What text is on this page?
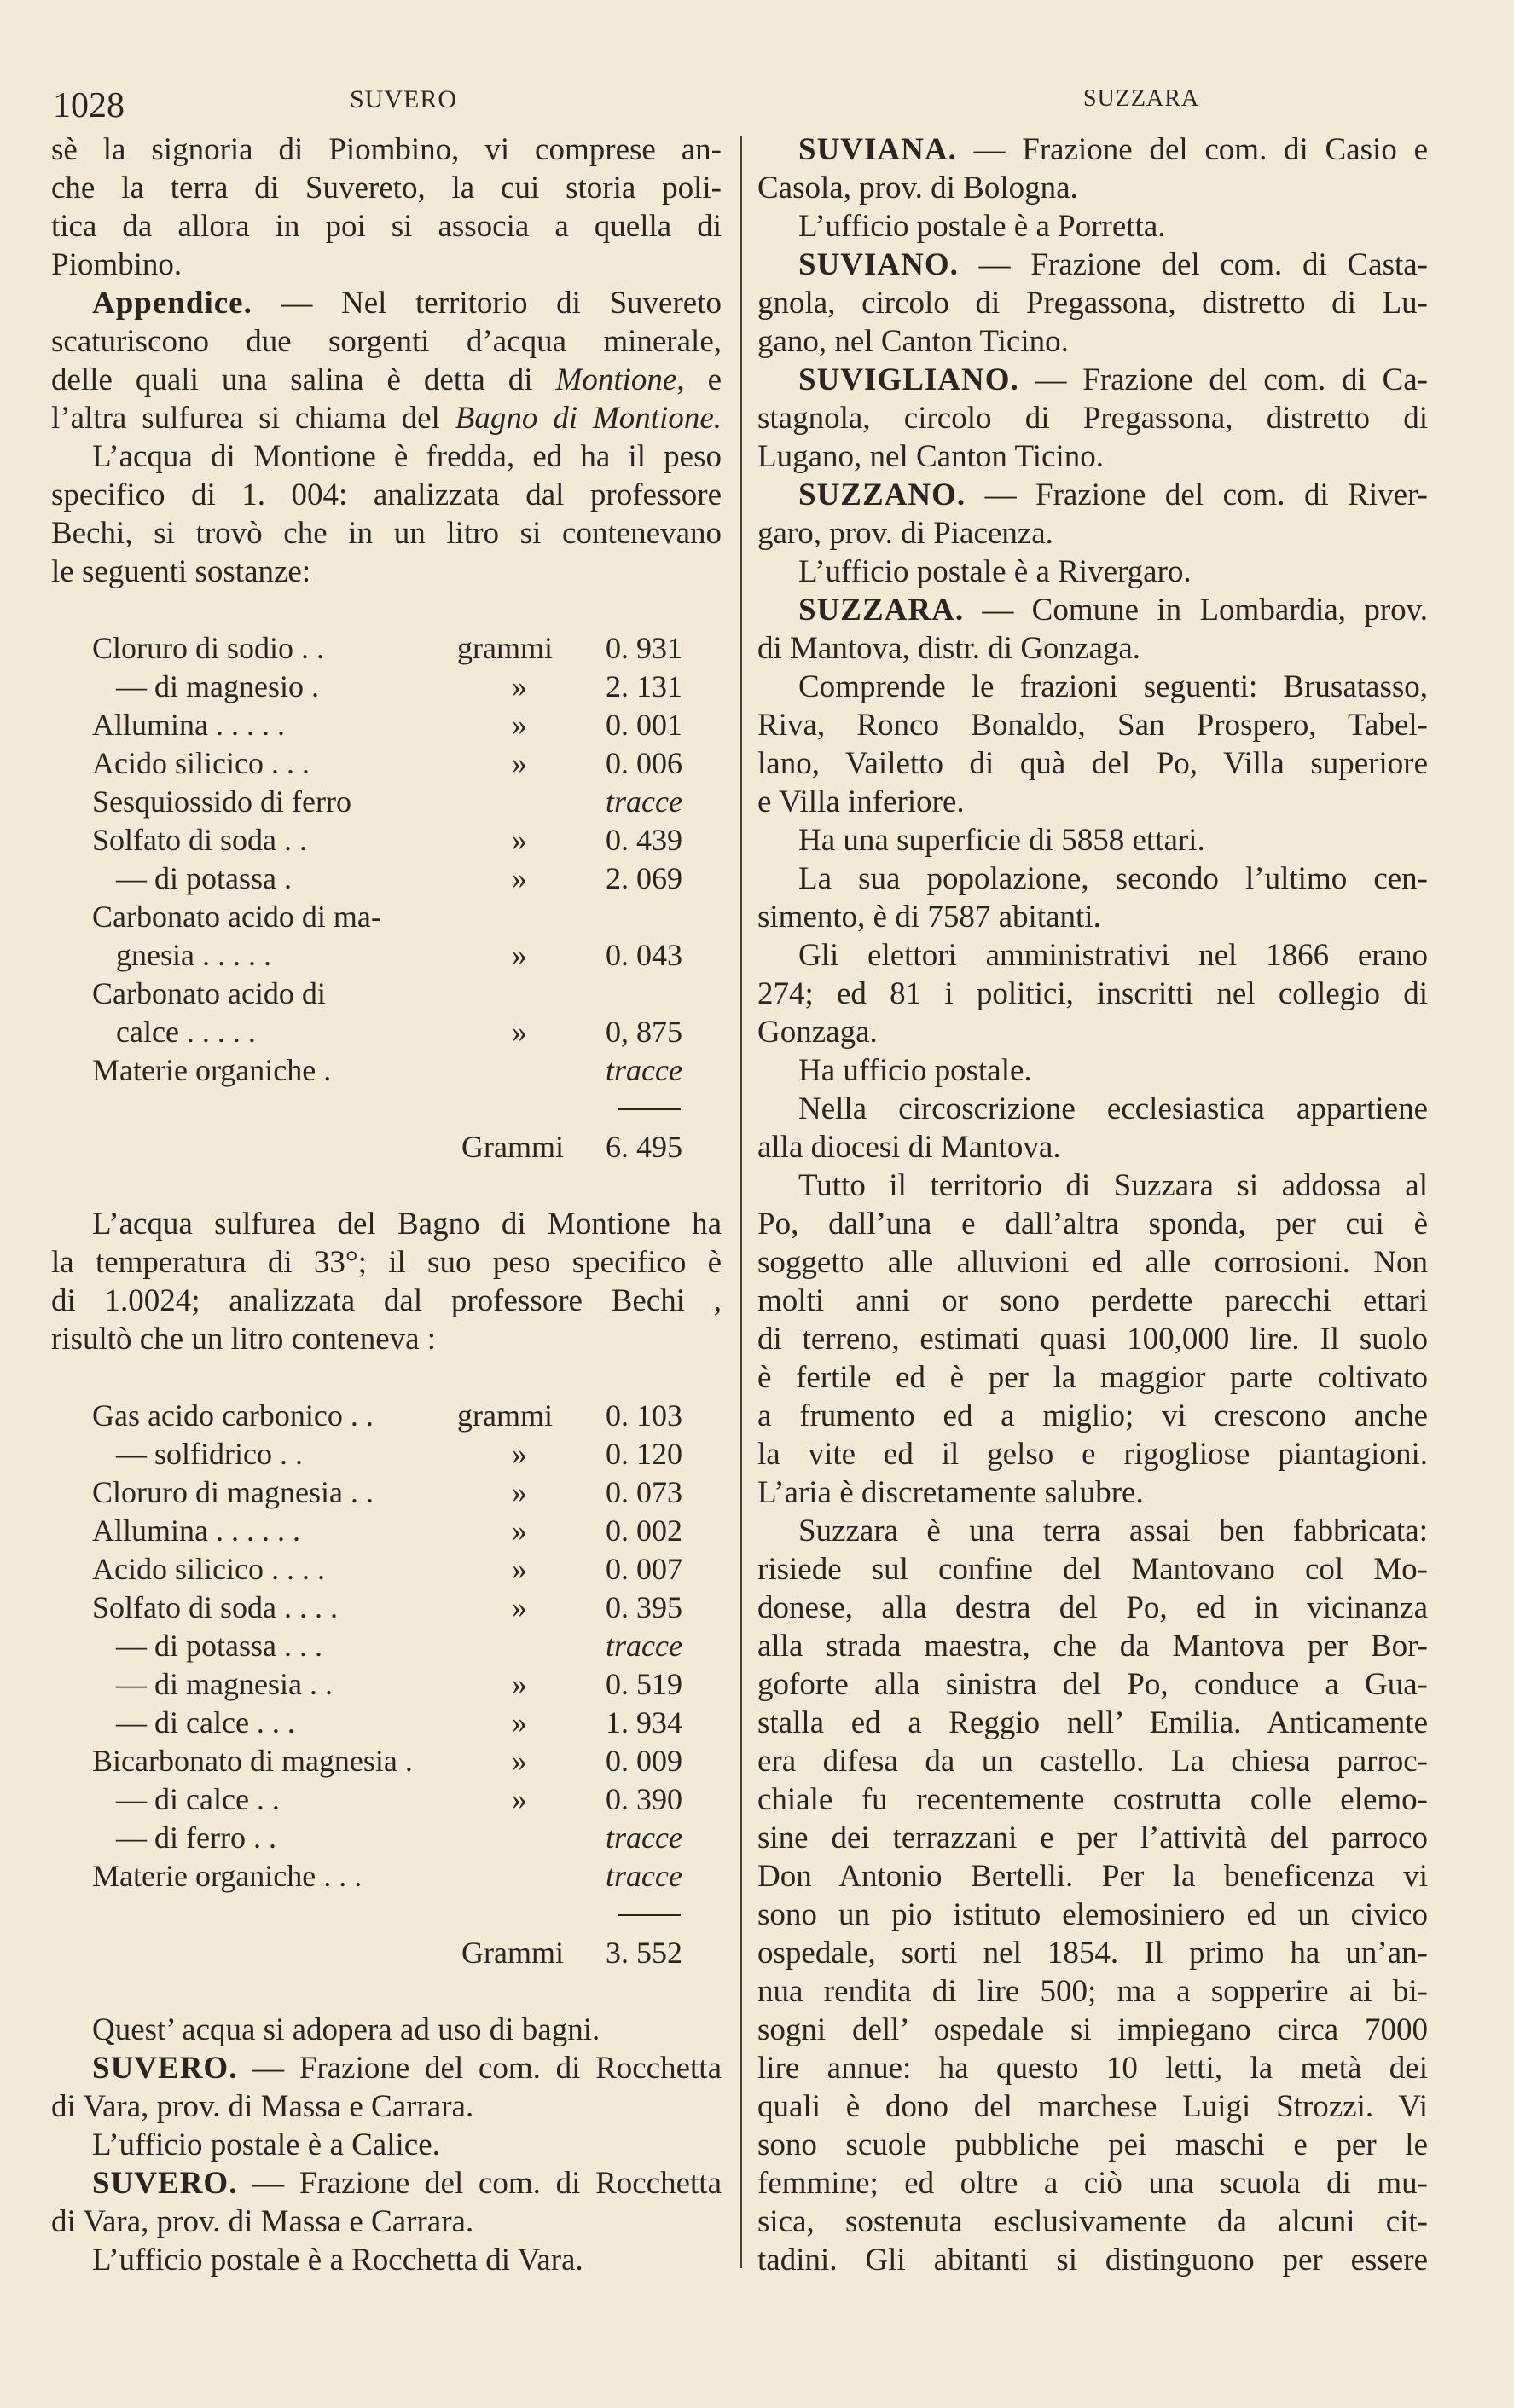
1028	SUVERO	SUZZARA
sè la signoria di Piombino, vi comprese an-
che la terra di Suvereto, la cui storia poli-
tica da allora in poi si associa a quella di
Piombino.
Appendice. — Nel territorio di Suvereto
scaturiscono due sorgenti d’acqua minerale,
delle quali una salina è detta di Montione, e
l’altra sulfurea si chiama del Bagno di Montione.
L’acqua di Montione è fredda, ed ha il peso
specifico di 1. 004: analizzata dal professore
Bechi, si trovò che in un litro si contenevano
le seguenti sostanze:
Cloruro di sodio . .	grammi 0. 931
— di magnesio .	»	2. 131
Allumina . . . . .	»	0. 001
Acido silicico . . .	»	0. 006
Sesquiossido di ferro	tracce
Solfato di soda . .	»	0. 439
— di potassa .	»	2. 069
Carbonato acido di ma-
gnesia . . . . .	»	0. 043
Carbonato acido di
calce . . . . .	»	0, 875
Materie organiche .	tracce
Grammi 6. 495
L’acqua sulfurea del Bagno di Montione ha
la temperatura di 33°; il suo peso specifico è
di 1.0024; analizzata dal professore Bechi ,
risultò che un litro conteneva :
Gas acido carbonico . .	grammi 0. 103
— solfidrico . .	»	0. 120
Cloruro di magnesia . .	»	0. 073
Allumina . . . . . .	»	0. 002
Acido silicico . . . .	»	0. 007
Solfato di soda . . . .	»	0. 395
— di potassa . . .	tracce
— di magnesia . .	»	0. 519
— di calce . . .	»	1. 934
Bicarbonato di magnesia .	»	0. 009
— di calce . .	»	0. 390
— di ferro . .	tracce
Materie organiche . . .	tracce
Grammi 3. 552
Quest’ acqua si adopera ad uso di bagni.
SUVERO. — Frazione del com. di Rocchetta
di Vara, prov. di Massa e Carrara.
L’ufficio postale è a Calice.
SUVERO. — Frazione del com. di Rocchetta
di Vara, prov. di Massa e Carrara.
L’ufficio postale è a Rocchetta di Vara.
SUVIANA. — Frazione del com. di Casio e
Casola, prov. di Bologna.
L’ufficio postale è a Porretta.
SUVIANO. — Frazione del com. di Casta-
gnola, circolo di Pregassona, distretto di Lu-
gano, nel Canton Ticino.
SUVIGLIANO. — Frazione del com. di Ca-
stagnola, circolo di Pregassona, distretto di
Lugano, nel Canton Ticino.
SUZZANO. — Frazione del com. di River-
garo, prov. di Piacenza.
L’ufficio postale è a Rivergaro.
SUZZARA. — Comune in Lombardia, prov.
di Mantova, distr. di Gonzaga.
Comprende le frazioni seguenti: Brusatasso,
Riva, Ronco Bonaldo, San Prospero, Tabel-
lano, Vailetto di quà del Po, Villa superiore
e Villa inferiore.
Ha una superficie di 5858 ettari.
La sua popolazione, secondo l’ultimo cen-
simento, è di 7587 abitanti.
Gli elettori amministrativi nel 1866 erano
274; ed 81 i politici, inscritti nel collegio di
Gonzaga.
Ha ufficio postale.
Nella circoscrizione ecclesiastica appartiene
alla diocesi di Mantova.
Tutto il territorio di Suzzara si addossa al
Po, dall’una e dall’altra sponda, per cui è
soggetto alle alluvioni ed alle corrosioni. Non
molti anni or sono perdette parecchi ettari
di terreno, estimati quasi 100,000 lire. Il suolo
è fertile ed è per la maggior parte coltivato
a frumento ed a miglio; vi crescono anche
la vite ed il gelso e rigogliose piantagioni.
L’aria è discretamente salubre.
Suzzara è una terra assai ben fabbricata:
risiede sul confine del Mantovano col Mo-
donese, alla destra del Po, ed in vicinanza
alla strada maestra, che da Mantova per Bor-
goforte alla sinistra del Po, conduce a Gua-
stalla ed a Reggio nell’ Emilia. Anticamente
era difesa da un castello. La chiesa parroc-
chiale fu recentemente costrutta colle elemo-
sine dei terrazzani e per l’attività del parroco
Don Antonio Bertelli. Per la beneficenza vi
sono un pio istituto elemosiniero ed un civico
ospedale, sorti nel 1854. Il primo ha un’an-
nua rendita di lire 500; ma a sopperire ai bi-
sogni dell’ ospedale si impiegano circa 7000
lire annue: ha questo 10 letti, la metà dei
quali è dono del marchese Luigi Strozzi. Vi
sono scuole pubbliche pei maschi e per le
femmine; ed oltre a ciò una scuola di mu-
sica, sostenuta esclusivamente da alcuni cit-
tadini. Gli abitanti si distinguono per essere
